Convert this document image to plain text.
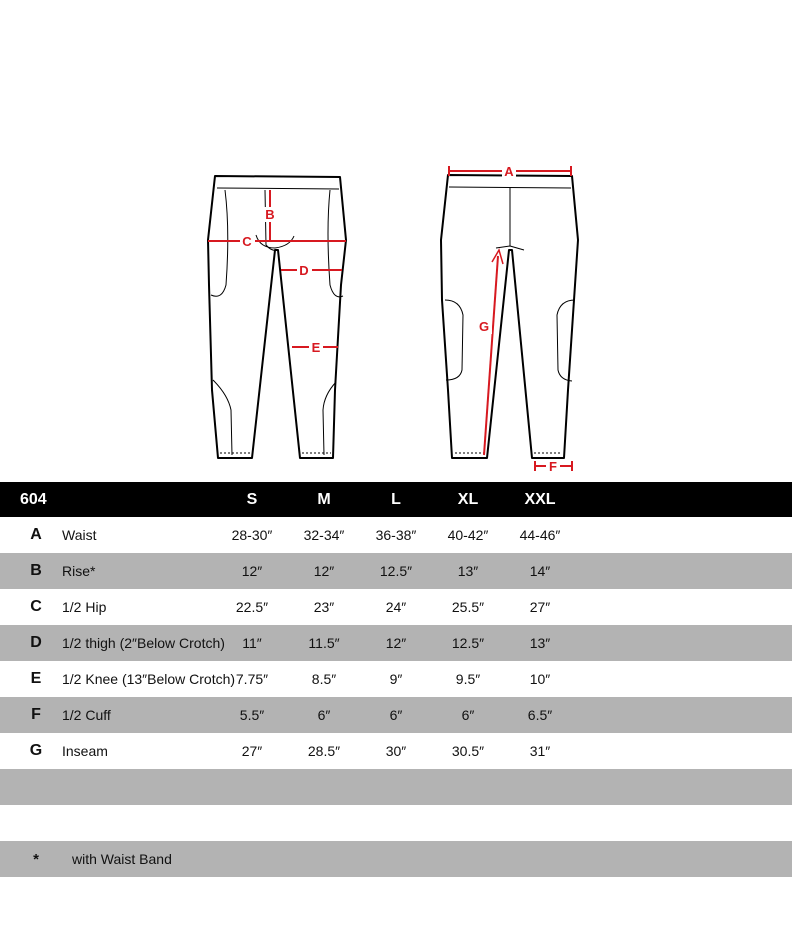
A
B
C
D
E
F
G
604	S	M	L	XL	XXL
A	Waist	28-30″	32-34″	36-38″	40-42″	44-46″
B	Rise*	12″	12″	12.5″	13″	14″
C	1/2 Hip	22.5″	23″	24″	25.5″	27″
D	1/2 thigh (2″Below Crotch)	11″	11.5″	12″	12.5″	13″
E	1/2 Knee (13″Below Crotch) 7.75″	8.5″	9″	9.5″	10″
F	1/2 Cuff	5.5″	6″	6″	6″	6.5″
G	Inseam	27″	28.5″	30″	30.5″	31″
*	with Waist Band
